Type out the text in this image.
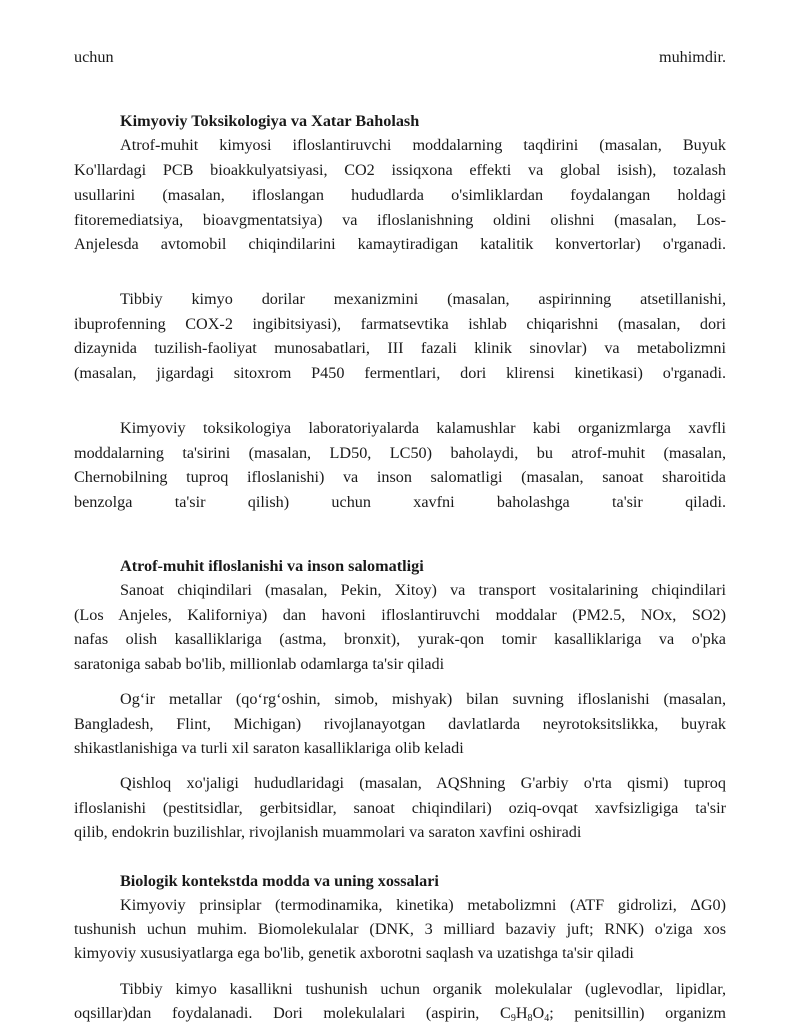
uchun	muhimdir.
Kimyoviy Toksikologiya va Xatar Baholash
Atrof-muhit kimyosi ifloslantiruvchi moddalarning taqdirini (masalan, Buyuk
Ko'llardagi PCB bioakkulyatsiyasi, CO2 issiqxona effekti va global isish), tozalash
usullarini (masalan, ifloslangan hududlarda o'simliklardan foydalangan holdagi
fitoremediatsiya, bioavgmentatsiya) va ifloslanishning oldini olishni (masalan, Los-
Anjelesda avtomobil chiqindilarini kamaytiradigan katalitik konvertorlar) o'rganadi.
Tibbiy kimyo dorilar mexanizmini (masalan, aspirinning atsetillanishi,
ibuprofenning COX-2 ingibitsiyasi), farmatsevtika ishlab chiqarishni (masalan, dori
dizaynida tuzilish-faoliyat munosabatlari, III fazali klinik sinovlar) va metabolizmni
(masalan, jigardagi sitoxrom P450 fermentlari, dori klirensi kinetikasi) o'rganadi.
Kimyoviy toksikologiya laboratoriyalarda kalamushlar kabi organizmlarga xavfli
moddalarning ta'sirini (masalan, LD50, LC50) baholaydi, bu atrof-muhit (masalan,
Chernobilning tuproq ifloslanishi) va inson salomatligi (masalan, sanoat sharoitida
benzolga ta'sir qilish) uchun xavfni baholashga ta'sir qiladi.
Atrof-muhit ifloslanishi va inson salomatligi
Sanoat chiqindilari (masalan, Pekin, Xitoy) va transport vositalarining chiqindilari
(Los Anjeles, Kaliforniya) dan havoni ifloslantiruvchi moddalar (PM2.5, NOx, SO2)
nafas olish kasalliklariga (astma, bronxit), yurak-qon tomir kasalliklariga va o'pka
saratoniga sabab bo'lib, millionlab odamlarga ta'sir qiladi
Og‘ir metallar (qo‘rg‘oshin, simob, mishyak) bilan suvning ifloslanishi (masalan,
Bangladesh, Flint, Michigan) rivojlanayotgan davlatlarda neyrotoksitslikka, buyrak
shikastlanishiga va turli xil saraton kasalliklariga olib keladi
Qishloq xo'jaligi hududlaridagi (masalan, AQShning G'arbiy o'rta qismi) tuproq
ifloslanishi (pestitsidlar, gerbitsidlar, sanoat chiqindilari) oziq-ovqat xavfsizligiga ta'sir
qilib, endokrin buzilishlar, rivojlanish muammolari va saraton xavfini oshiradi
Biologik kontekstda modda va uning xossalari
Kimyoviy prinsiplar (termodinamika, kinetika) metabolizmni (ATF gidrolizi, ΔG0)
tushunish uchun muhim. Biomolekulalar (DNK, 3 milliard bazaviy juft; RNK) o'ziga xos
kimyoviy xususiyatlarga ega bo'lib, genetik axborotni saqlash va uzatishga ta'sir qiladi
Tibbiy kimyo kasallikni tushunish uchun organik molekulalar (uglevodlar, lipidlar,
oqsillar)dan foydalanadi. Dori molekulalari (aspirin, $C_9H_8O_4$; penitsillin) organizm
